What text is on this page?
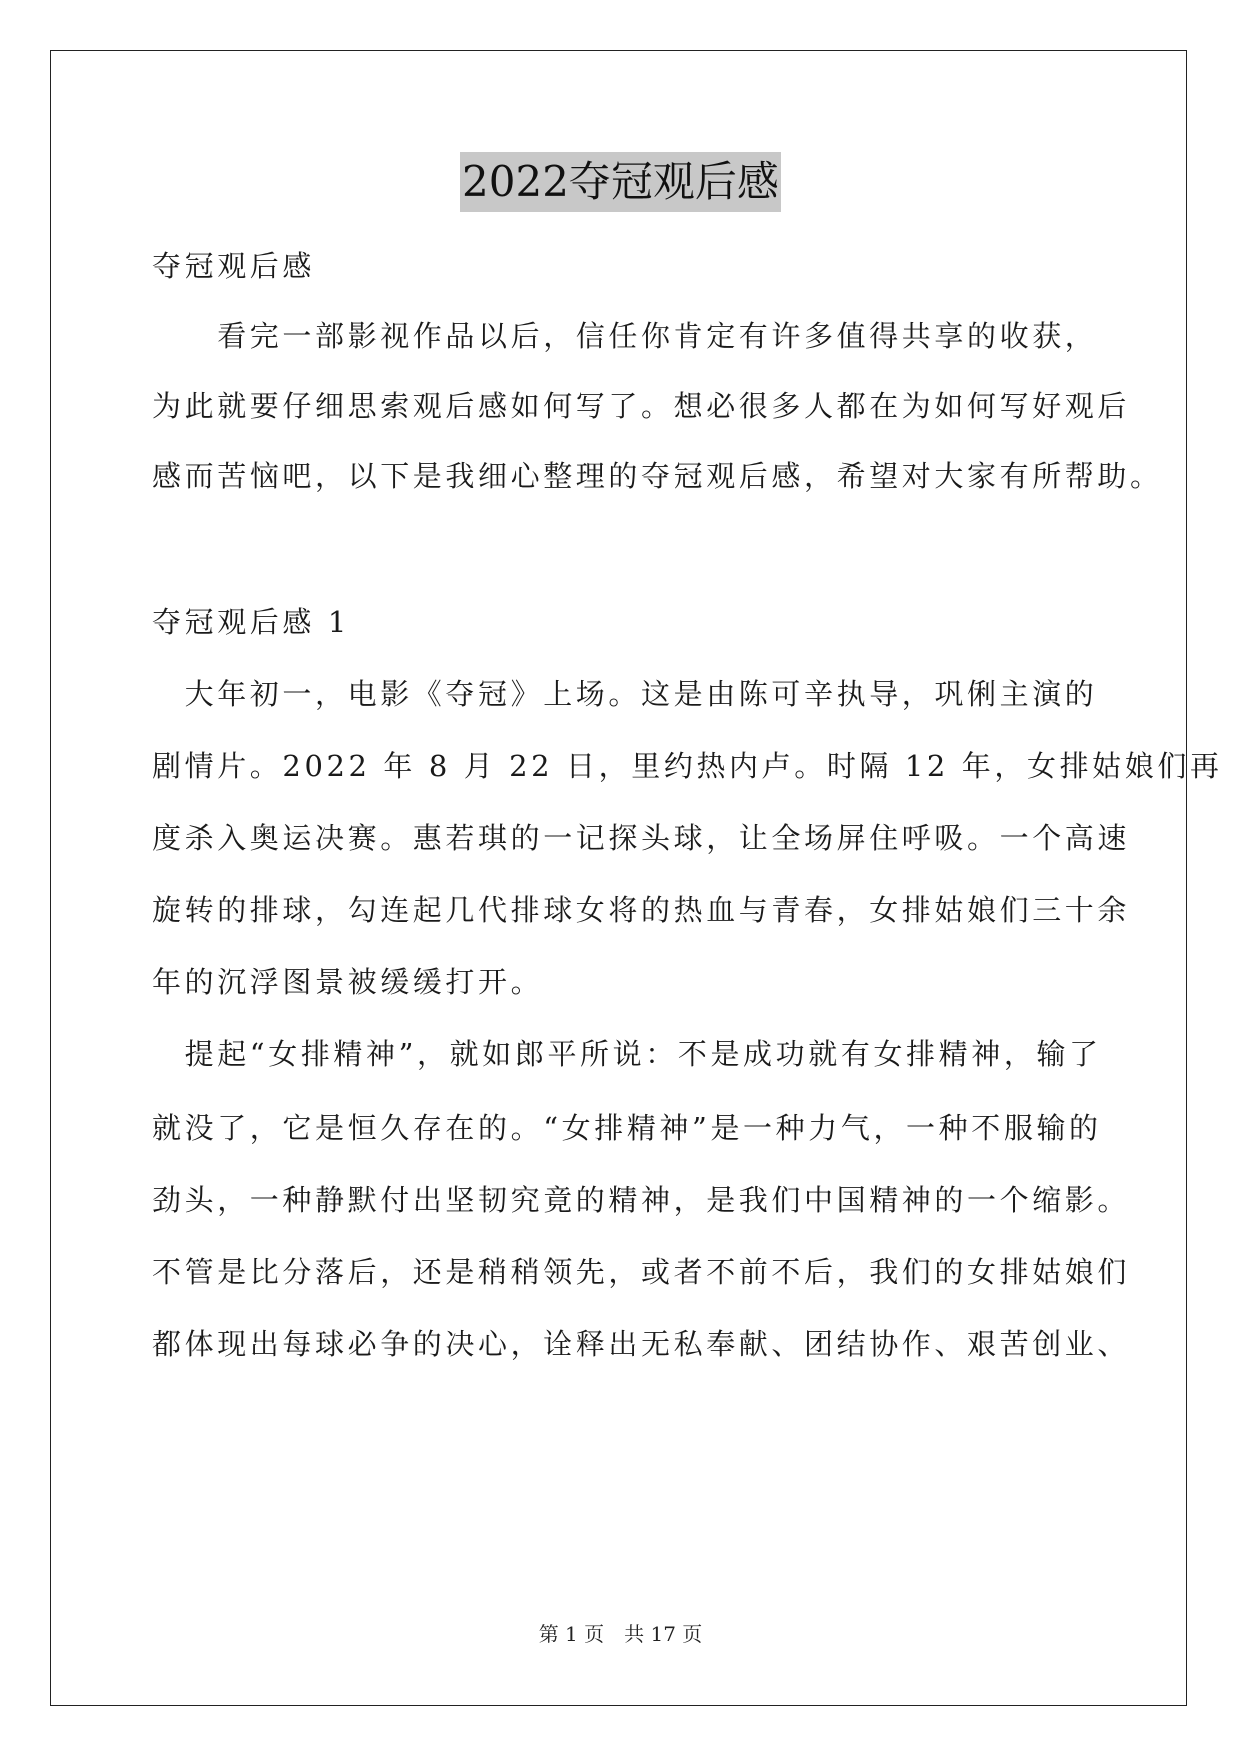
2022夺冠观后感
夺冠观后感
　　看完一部影视作品以后，信任你肯定有许多值得共享的收获，
为此就要仔细思索观后感如何写了。想必很多人都在为如何写好观后
感而苦恼吧，以下是我细心整理的夺冠观后感，希望对大家有所帮助。
夺冠观后感 1
　大年初一，电影《夺冠》上场。这是由陈可辛执导，巩俐主演的
剧情片。2022 年 8 月 22 日，里约热内卢。时隔 12 年，女排姑娘们再
度杀入奥运决赛。惠若琪的一记探头球，让全场屏住呼吸。一个高速
旋转的排球，勾连起几代排球女将的热血与青春，女排姑娘们三十余
年的沉浮图景被缓缓打开。
　提起“女排精神”，就如郎平所说：不是成功就有女排精神，输了
就没了，它是恒久存在的。“女排精神”是一种力气，一种不服输的
劲头，一种静默付出坚韧究竟的精神，是我们中国精神的一个缩影。
不管是比分落后，还是稍稍领先，或者不前不后，我们的女排姑娘们
都体现出每球必争的决心，诠释出无私奉献、团结协作、艰苦创业、
第 1 页　共 17 页
